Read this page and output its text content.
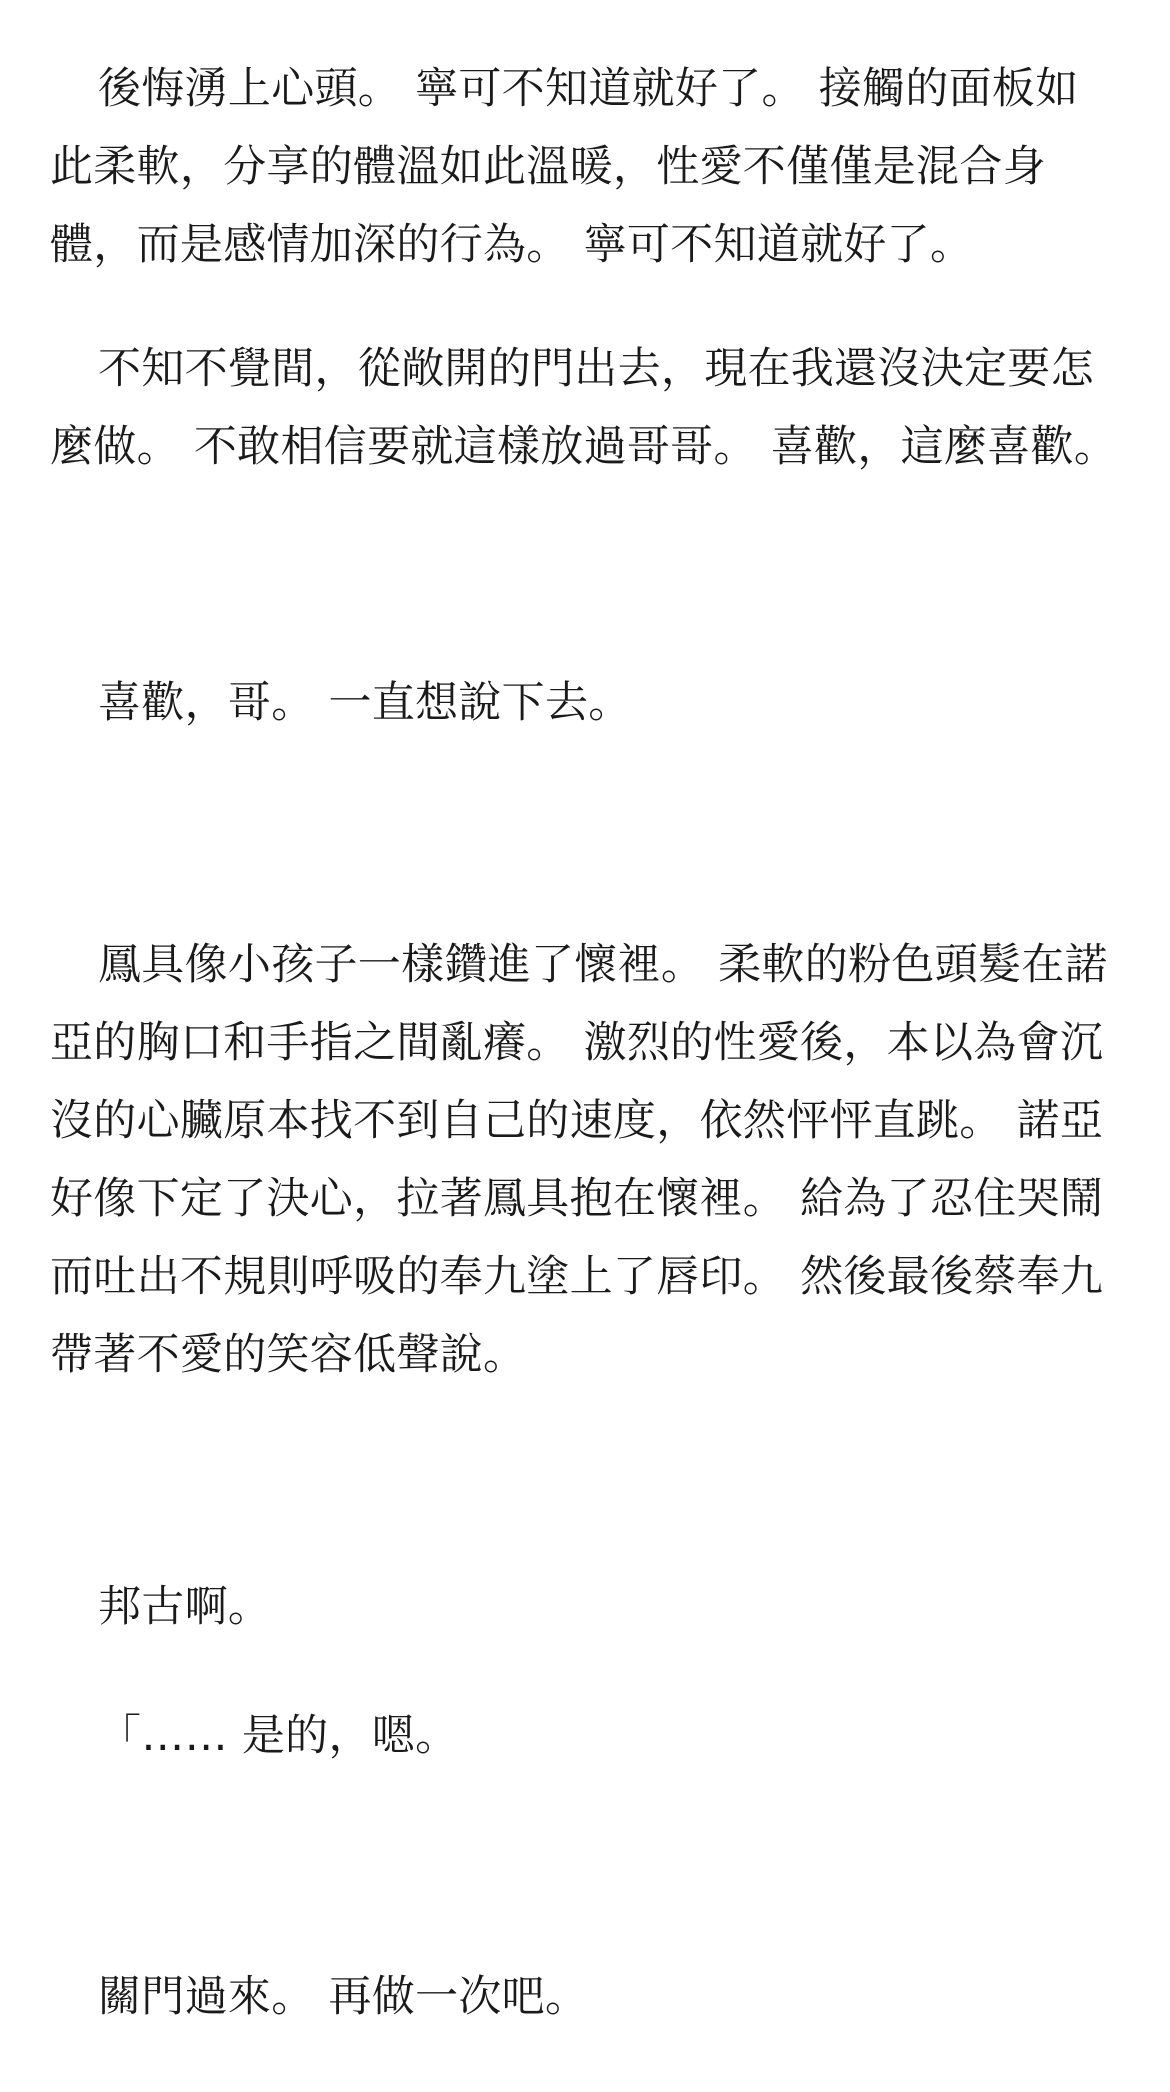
後悔湧上心頭。 寧可不知道就好了。 接觸的面板如此柔軟，分享的體溫如此溫暖，性愛不僅僅是混合身體，而是感情加深的行為。 寧可不知道就好了。

不知不覺間，從敞開的門出去，現在我還沒決定要怎麼做。 不敢相信要就這樣放過哥哥。 喜歡，這麼喜歡。

喜歡，哥。 一直想說下去。

鳳具像小孩子一樣鑽進了懷裡。 柔軟的粉色頭髮在諾亞的胸口和手指之間亂癢。 激烈的性愛後，本以為會沉沒的心臟原本找不到自己的速度，依然怦怦直跳。 諾亞好像下定了決心，拉著鳳具抱在懷裡。 給為了忍住哭鬧而吐出不規則呼吸的奉九塗上了唇印。 然後最後蔡奉九帶著不愛的笑容低聲說。

邦古啊。

「…… 是的，嗯。

關門過來。 再做一次吧。
